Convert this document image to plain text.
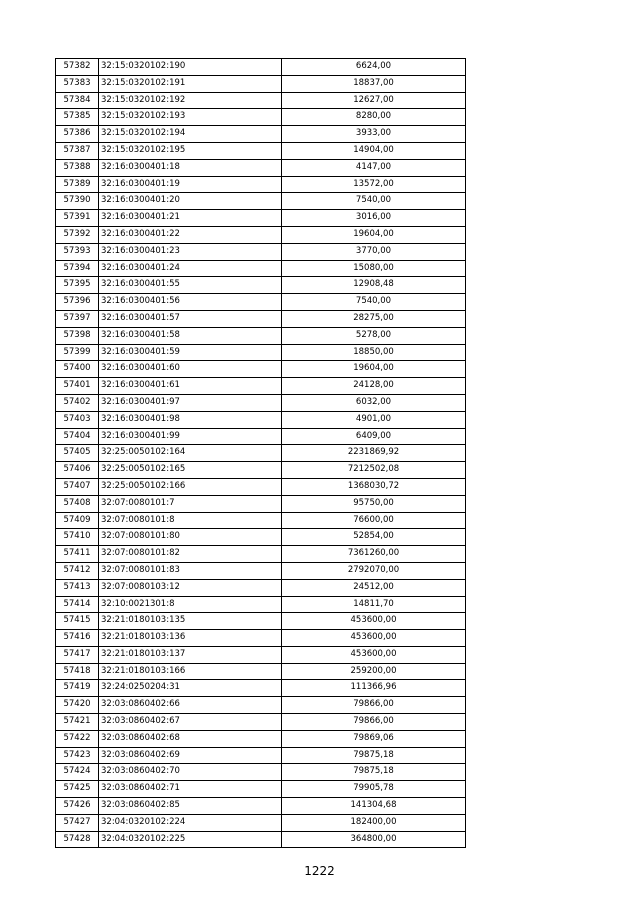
57382	32:15:0320102:190	6624,00
57383	32:15:0320102:191	18837,00
57384	32:15:0320102:192	12627,00
57385	32:15:0320102:193	8280,00
57386	32:15:0320102:194	3933,00
57387	32:15:0320102:195	14904,00
57388	32:16:0300401:18	4147,00
57389	32:16:0300401:19	13572,00
57390	32:16:0300401:20	7540,00
57391	32:16:0300401:21	3016,00
57392	32:16:0300401:22	19604,00
57393	32:16:0300401:23	3770,00
57394	32:16:0300401:24	15080,00
57395	32:16:0300401:55	12908,48
57396	32:16:0300401:56	7540,00
57397	32:16:0300401:57	28275,00
57398	32:16:0300401:58	5278,00
57399	32:16:0300401:59	18850,00
57400	32:16:0300401:60	19604,00
57401	32:16:0300401:61	24128,00
57402	32:16:0300401:97	6032,00
57403	32:16:0300401:98	4901,00
57404	32:16:0300401:99	6409,00
57405	32:25:0050102:164	2231869,92
57406	32:25:0050102:165	7212502,08
57407	32:25:0050102:166	1368030,72
57408	32:07:0080101:7	95750,00
57409	32:07:0080101:8	76600,00
57410	32:07:0080101:80	52854,00
57411	32:07:0080101:82	7361260,00
57412	32:07:0080101:83	2792070,00
57413	32:07:0080103:12	24512,00
57414	32:10:0021301:8	14811,70
57415	32:21:0180103:135	453600,00
57416	32:21:0180103:136	453600,00
57417	32:21:0180103:137	453600,00
57418	32:21:0180103:166	259200,00
57419	32:24:0250204:31	111366,96
57420	32:03:0860402:66	79866,00
57421	32:03:0860402:67	79866,00
57422	32:03:0860402:68	79869,06
57423	32:03:0860402:69	79875,18
57424	32:03:0860402:70	79875,18
57425	32:03:0860402:71	79905,78
57426	32:03:0860402:85	141304,68
57427	32:04:0320102:224	182400,00
57428	32:04:0320102:225	364800,00
1222
